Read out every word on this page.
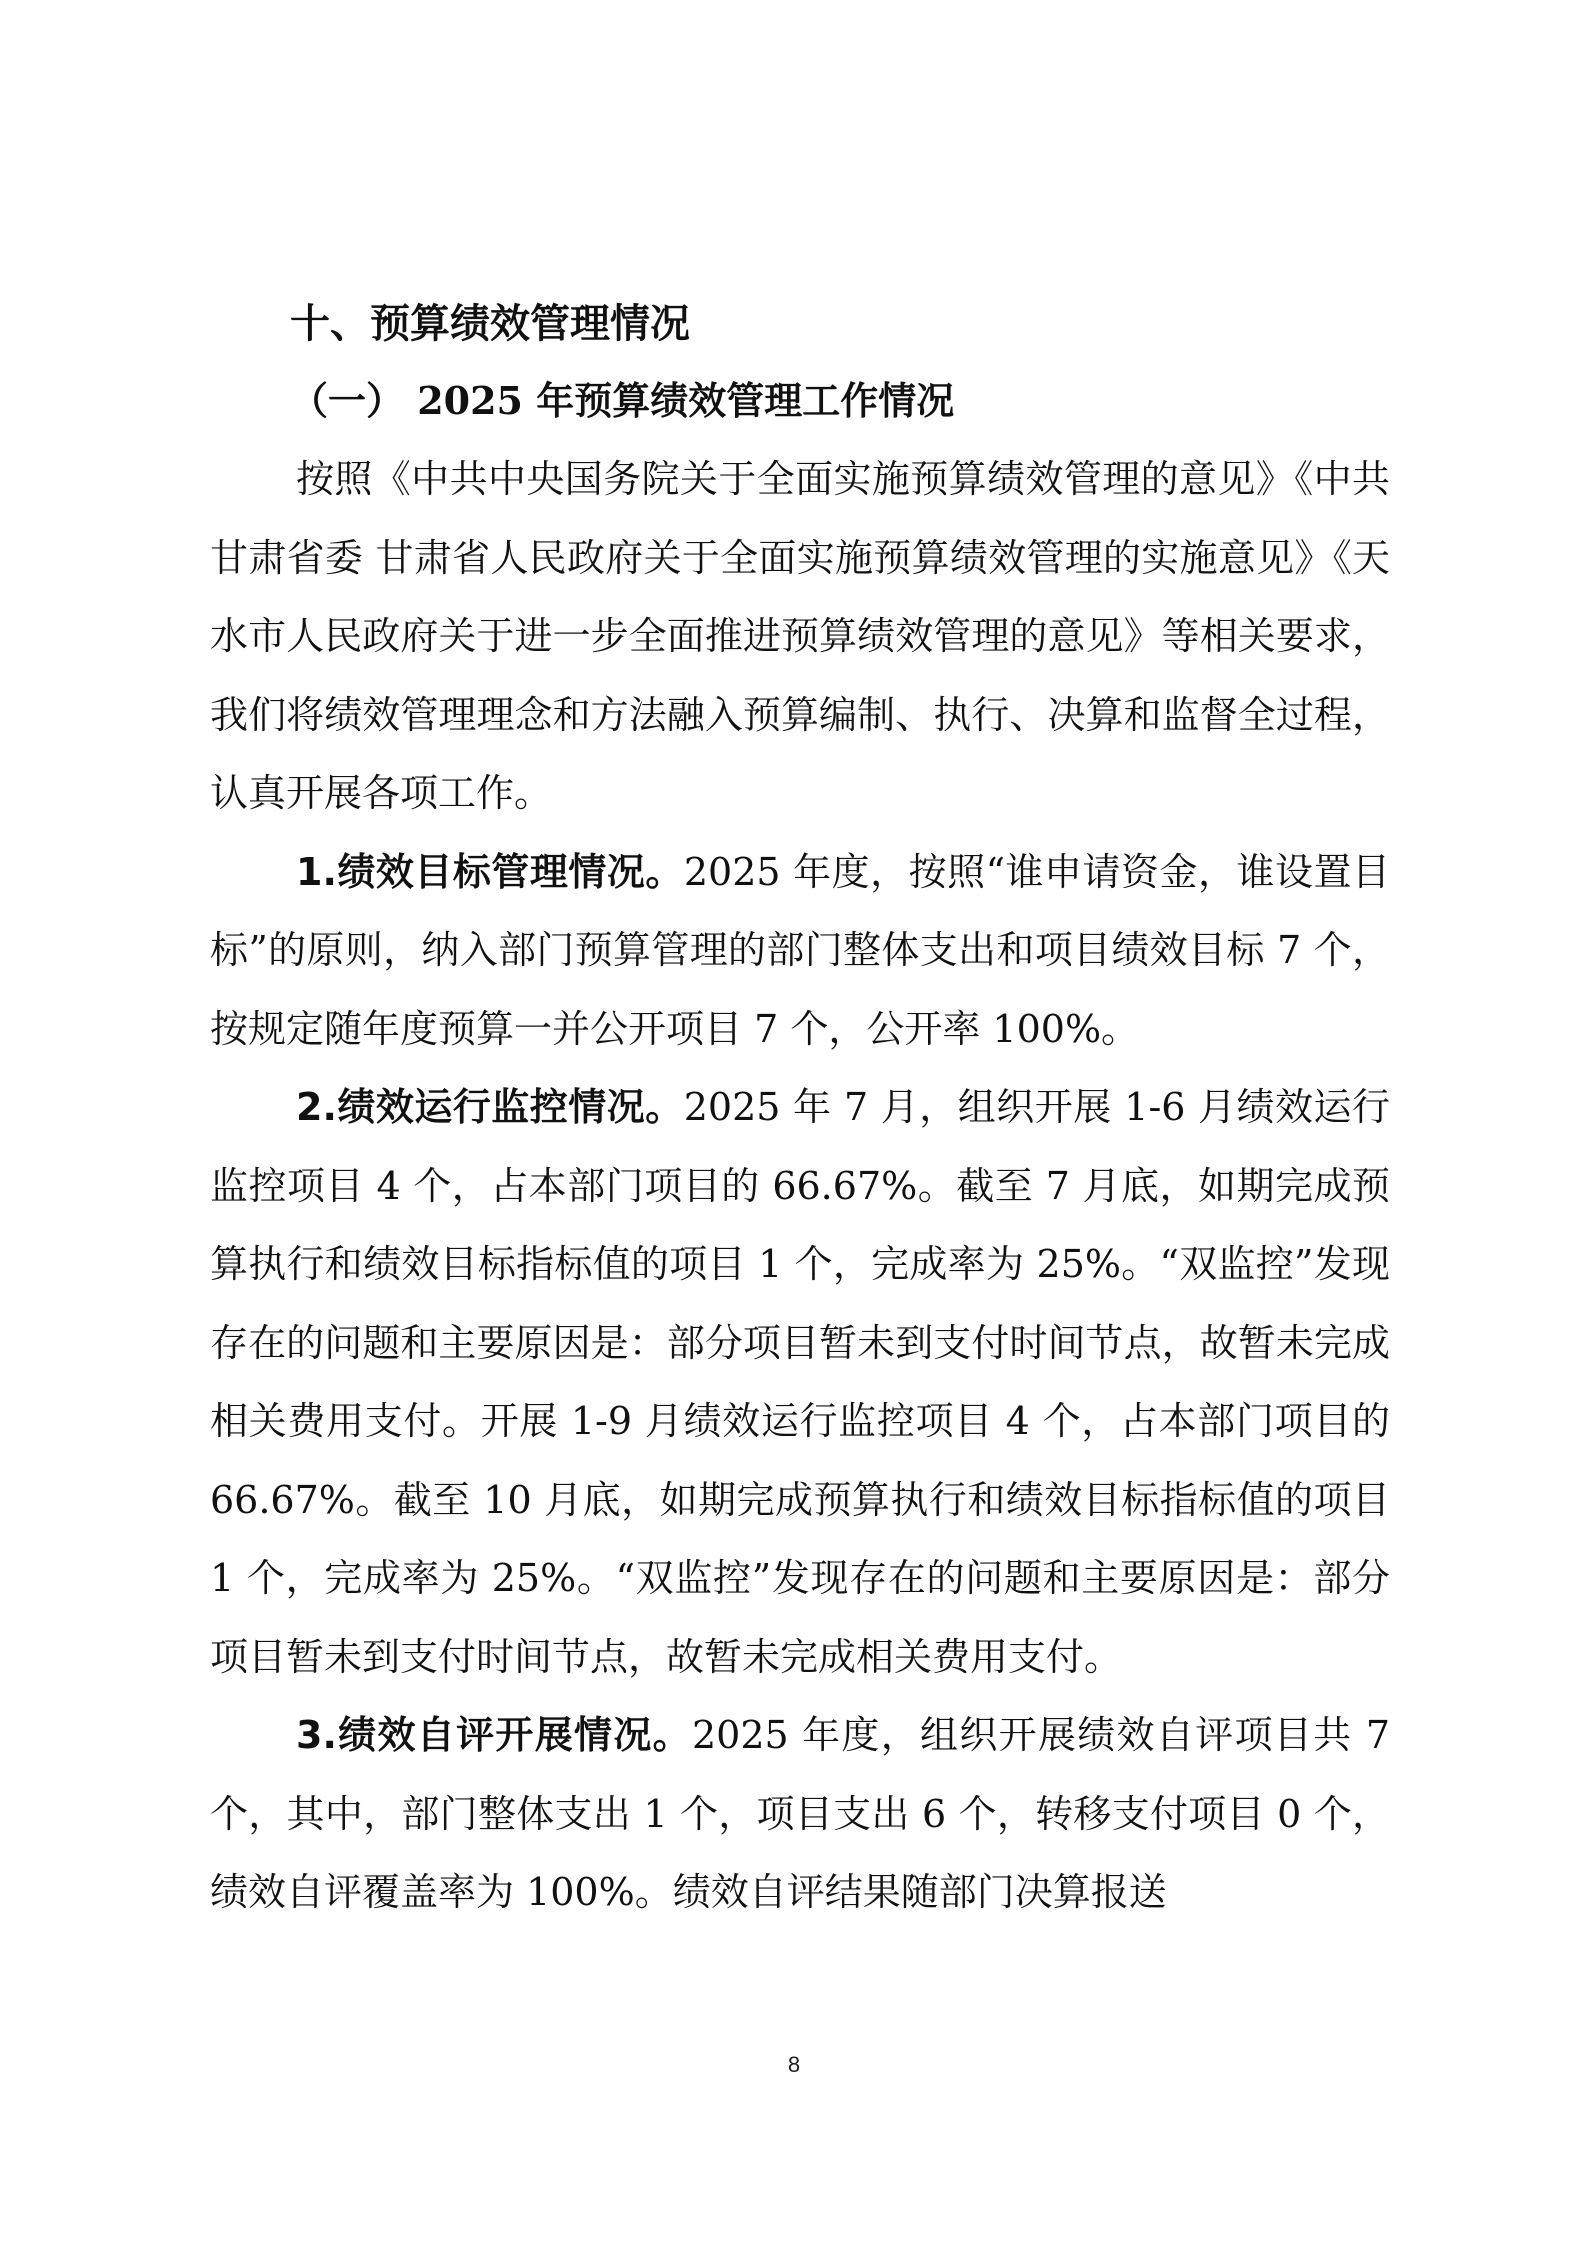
十、预算绩效管理情况
（一） 2025 年预算绩效管理工作情况

按照《中共中央国务院关于全面实施预算绩效管理的意见》《中共甘肃省委 甘肃省人民政府关于全面实施预算绩效管理的实施意见》《天水市人民政府关于进一步全面推进预算绩效管理的意见》等相关要求，我们将绩效管理理念和方法融入预算编制、执行、决算和监督全过程，认真开展各项工作。

1.绩效目标管理情况。2025 年度，按照“谁申请资金，谁设置目标”的原则，纳入部门预算管理的部门整体支出和项目绩效目标 7 个，按规定随年度预算一并公开项目 7 个，公开率 100%。

2.绩效运行监控情况。2025 年 7 月，组织开展 1-6 月绩效运行监控项目 4 个，占本部门项目的 66.67%。截至 7 月底，如期完成预算执行和绩效目标指标值的项目 1 个，完成率为 25%。“双监控”发现存在的问题和主要原因是：部分项目暂未到支付时间节点，故暂未完成相关费用支付。开展 1-9 月绩效运行监控项目 4 个，占本部门项目的 66.67%。截至 10 月底，如期完成预算执行和绩效目标指标值的项目 1 个，完成率为 25%。“双监控”发现存在的问题和主要原因是：部分项目暂未到支付时间节点，故暂未完成相关费用支付。

3.绩效自评开展情况。2025 年度，组织开展绩效自评项目共 7 个，其中，部门整体支出 1 个，项目支出 6 个，转移支付项目 0 个，绩效自评覆盖率为 100%。绩效自评结果随部门决算报送

8
